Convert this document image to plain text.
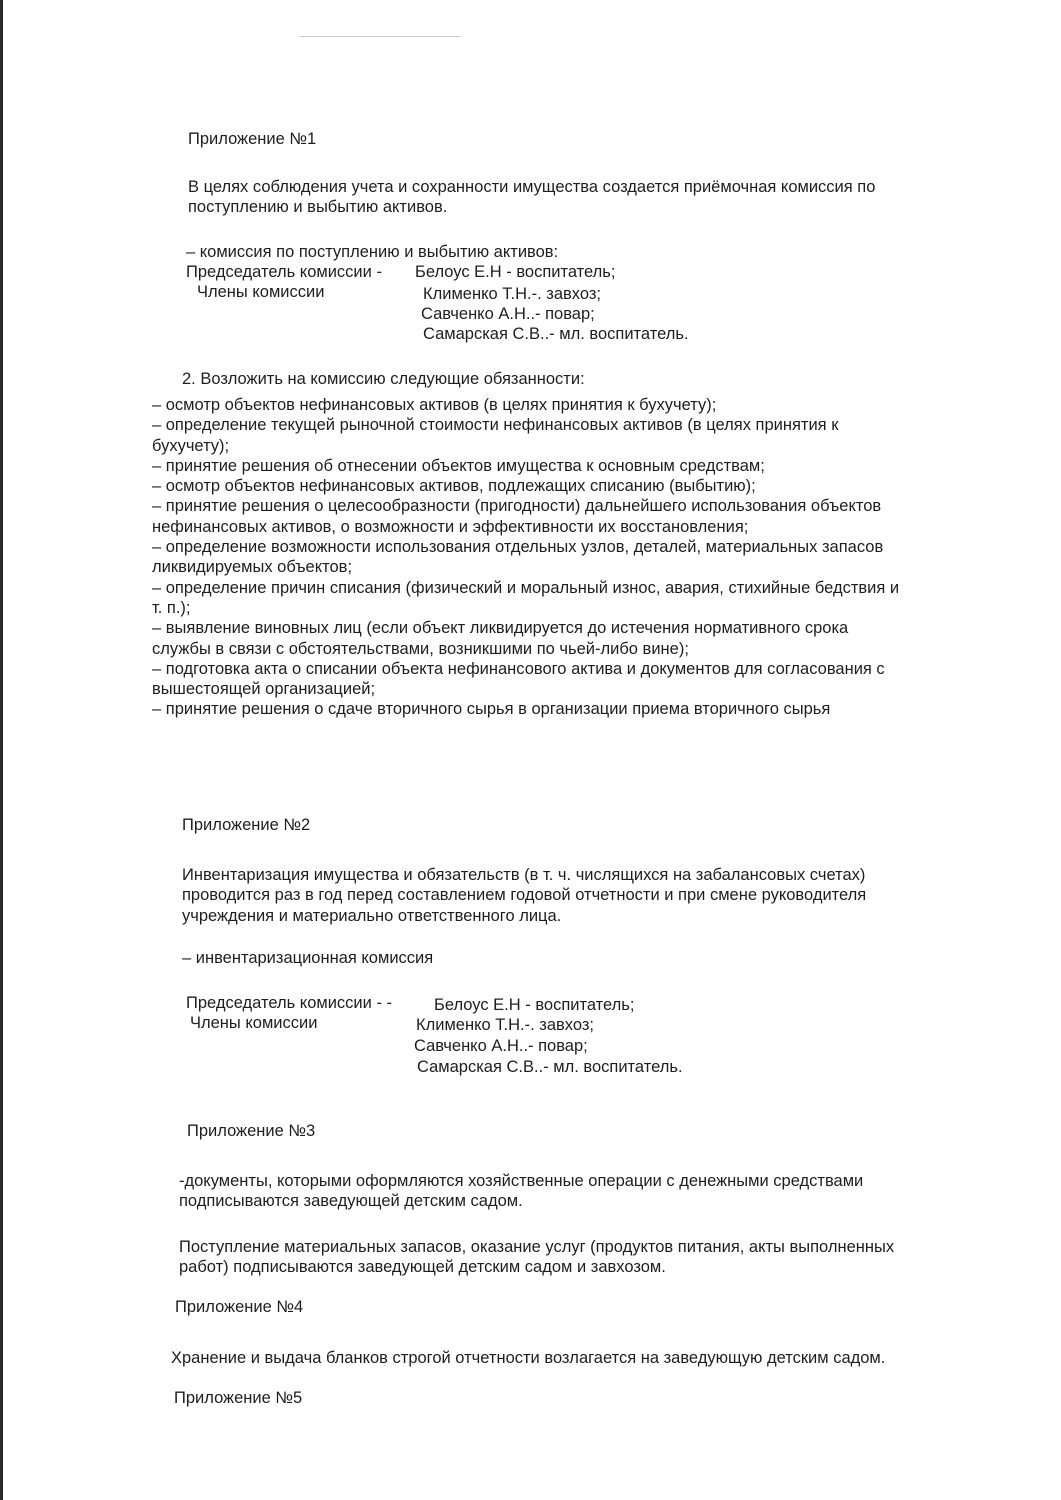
Приложение №1

В целях соблюдения учета и сохранности имущества создается приёмочная комиссия по

поступлению и выбытию активов.

– комиссия по поступлению и выбытию активов:
Председатель комиссии - Белоус Е.Н - воспитатель;
Члены комиссии	Клименко Т.Н.-. завхоз;
Савченко А.Н..- повар;
Самарская С.В..- мл. воспитатель.
2. Возложить на комиссию следующие обязанности:

– осмотр объектов нефинансовых активов (в целях принятия к бухучету);

– определение текущей рыночной стоимости нефинансовых активов (в целях принятия к

бухучету);

– принятие решения об отнесении объектов имущества к основным средствам;

– осмотр объектов нефинансовых активов, подлежащих списанию (выбытию);

– принятие решения о целесообразности (пригодности) дальнейшего использования объектов

нефинансовых активов, о возможности и эффективности их восстановления;

– определение возможности использования отдельных узлов, деталей, материальных запасов

ликвидируемых объектов;

– определение причин списания (физический и моральный износ, авария, стихийные бедствия и

т. п.);

– выявление виновных лиц (если объект ликвидируется до истечения нормативного срока

службы в связи с обстоятельствами, возникшими по чьей-либо вине);

– подготовка акта о списании объекта нефинансового актива и документов для согласования с

вышестоящей организацией;

– принятие решения о сдаче вторичного сырья в организации приема вторичного сырья

Приложение №2

Инвентаризация имущества и обязательств (в т. ч. числящихся на забалансовых счетах)

проводится раз в год перед составлением годовой отчетности и при смене руководителя

учреждения и материально ответственного лица.

– инвентаризационная комиссия
Председатель комиссии - -	Белоус Е.Н - воспитатель;
Члены комиссии	Клименко Т.Н.-. завхоз;
Савченко А.Н..- повар;
Самарская С.В..- мл. воспитатель.
Приложение №3

-документы, которыми оформляются хозяйственные операции с денежными средствами

подписываются заведующей детским садом.

Поступление материальных запасов, оказание услуг (продуктов питания, акты выполненных

работ) подписываются заведующей детским садом и завхозом.

Приложение №4
Хранение и выдача бланков строгой отчетности возлагается на заведующую детским садом.
Приложение №5
